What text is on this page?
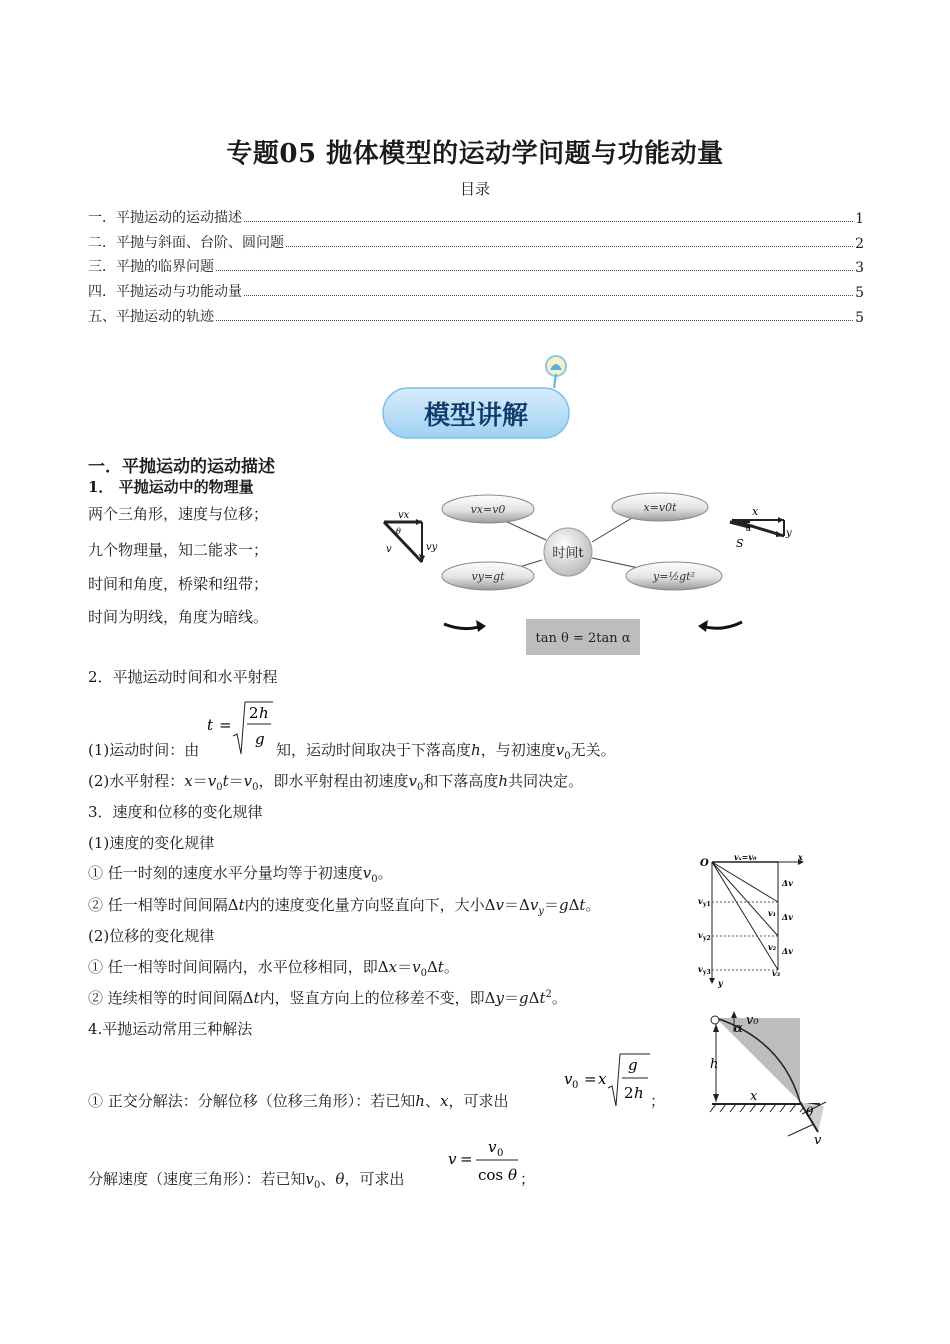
专题05 抛体模型的运动学问题与功能动量
目录
一．平抛运动的运动描述	1
二．平抛与斜面、台阶、圆问题	2
三．平抛的临界问题	3
四．平抛运动与功能动量	5
五、平抛运动的轨迹	5
模型讲解
一．平抛运动的运动描述
1． 平抛运动中的物理量
两个三角形，速度与位移；
九个物理量，知二能求一；
时间和角度，桥梁和纽带；
时间为明线，角度为暗线。
vx
θ
v	vy
vx=v0	x=v0t
vy=gt	y=½gt²
时间t
tan θ = 2tan α
x
α
S
y
2．平抛运动时间和水平射程
(1)运动时间：由
t =
2 h
g
知，运动时间取决于下落高度h，与初速度$v_0$无关。
(2)水平射程：$x=v_0t=v_0$，即水平射程由初速度$v_0$和下落高度h共同决定。
3．速度和位移的变化规律
(1)速度的变化规律
① 任一时刻的速度水平分量均等于初速度$v_0$。
② 任一相等时间间隔Δt内的速度变化量方向竖直向下，大小$\Delta v=\Delta v_y=g\Delta t$。
(2)位移的变化规律
① 任一相等时间间隔内，水平位移相同，即$\Delta x=v_0\Delta t$。
② 连续相等的时间间隔Δt内，竖直方向上的位移差不变，即Δy＝gΔt$^2$。
O
x
vₓ=v₀
y
Δv
v₁ Δv
v₂ Δv
v₃
v y1
v y2
v y3
4.平抛运动常用三种解法
① 正交分解法：分解位移（位移三角形）：若已知h、x，可求出
v 0 = x
g
2 h ；
分解速度（速度三角形）：若已知$v_0$、θ，可求出
v =
v 0
cos θ ；
v₀
α
h
x
θ
v
